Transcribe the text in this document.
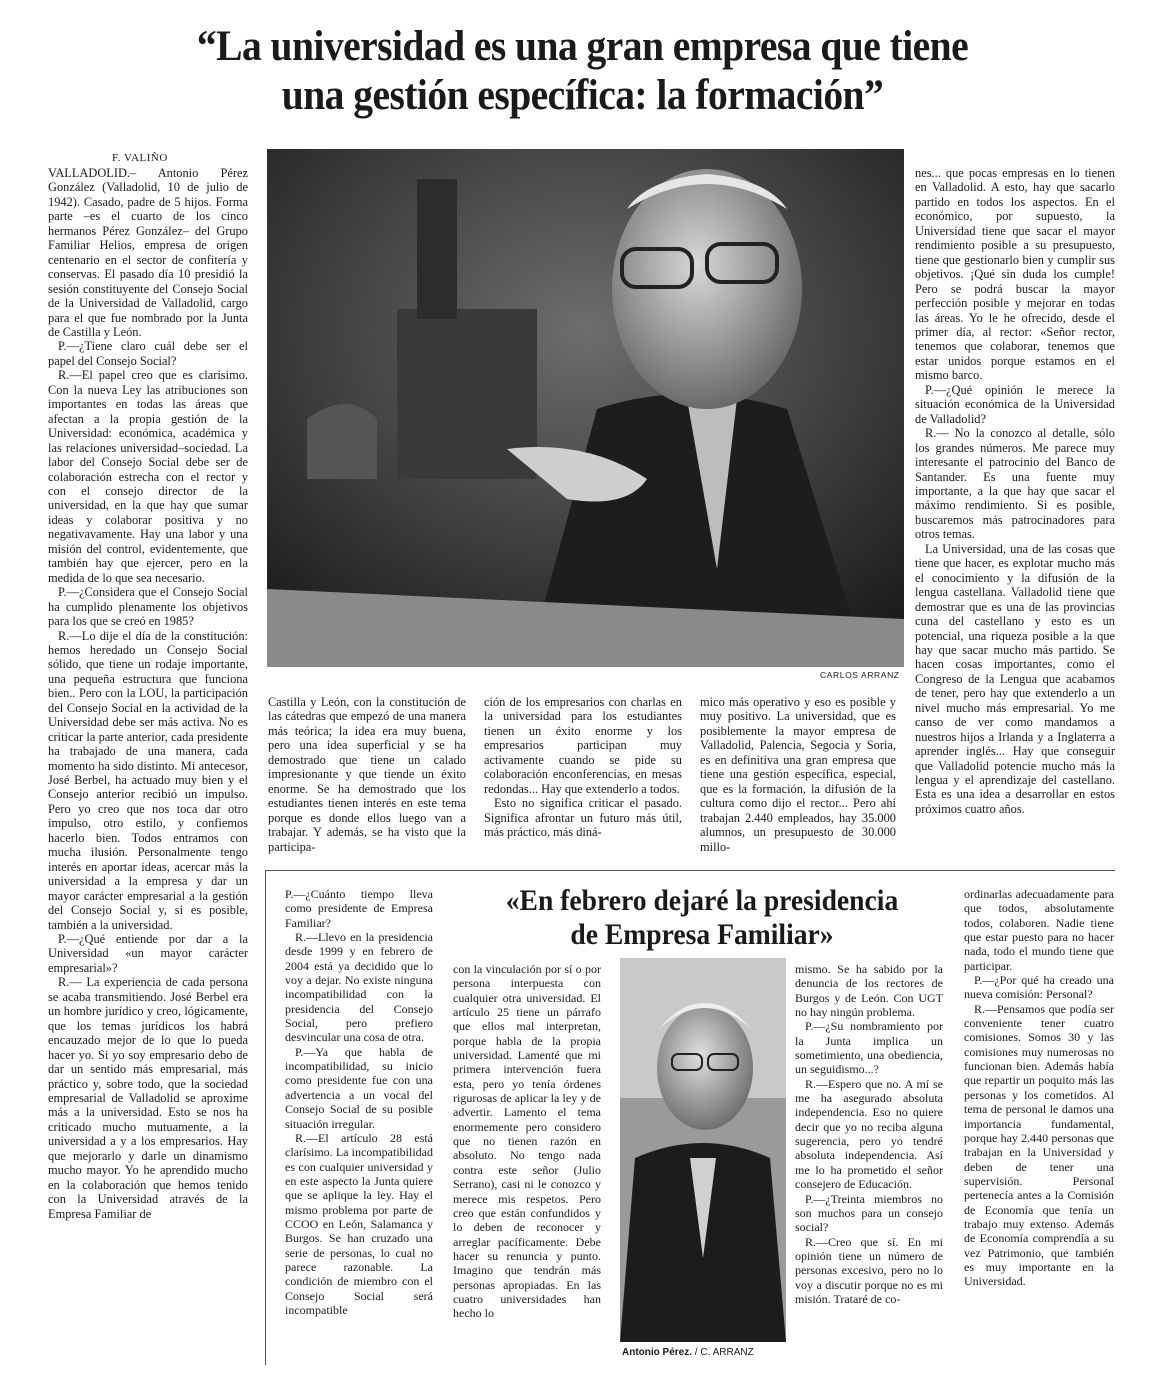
“La universidad es una gran empresa que tiene
una gestión específica: la formación”
F. VALIÑO

VALLADOLID.– Antonio Pérez González (Valladolid, 10 de julio de 1942). Casado, padre de 5 hijos. Forma parte –es el cuarto de los cinco hermanos Pérez González– del Grupo Familiar Helios, empresa de origen centenario en el sector de confitería y conservas. El pasado día 10 presidió la sesión constituyente del Consejo Social de la Universidad de Valladolid, cargo para el que fue nombrado por la Junta de Castilla y León.

P.—¿Tiene claro cuál debe ser el papel del Consejo Social?

R.—El papel creo que es clarísimo. Con la nueva Ley las atribuciones son importantes en todas las áreas que afectan a la propia gestión de la Universidad: económica, académica y las relaciones universidad–sociedad. La labor del Consejo Social debe ser de colaboración estrecha con el rector y con el consejo director de la universidad, en la que hay que sumar ideas y colaborar positiva y no negativavamente. Hay una labor y una misión del control, evidentemente, que también hay que ejercer, pero en la medida de lo que sea necesario.

P.—¿Considera que el Consejo Social ha cumplido plenamente los objetivos para los que se creó en 1985?

R.—Lo dije el día de la constitución: hemos heredado un Consejo Social sólido, que tiene un rodaje importante, una pequeña estructura que funciona bien.. Pero con la LOU, la participación del Consejo Social en la actividad de la Universidad debe ser más activa. No es criticar la parte anterior, cada presidente ha trabajado de una manera, cada momento ha sido distinto. Mi antecesor, José Berbel, ha actuado muy bien y el Consejo anterior recibió un impulso. Pero yo creo que nos toca dar otro impulso, otro estilo, y confiemos hacerlo bien. Todos entramos con mucha ilusión. Personalmente tengo interés en aportar ideas, acercar más la universidad a la empresa y dar un mayor carácter empresarial a la gestión del Consejo Social y, si es posible, también a la universidad.

P.—¿Qué entiende por dar a la Universidad «un mayor carácter empresarial»?

R.— La experiencia de cada persona se acaba transmitiendo. José Berbel era un hombre jurídico y creo, lógicamente, que los temas jurídicos los habrá encauzado mejor de lo que lo pueda hacer yo. Si yo soy empresario debo de dar un sentido más empresarial, más práctico y, sobre todo, que la sociedad empresarial de Valladolid se aproxime más a la universidad. Esto se nos ha criticado mucho mutuamente, a la universidad a y a los empresarios. Hay que mejorarlo y darle un dinamismo mucho mayor. Yo he aprendido mucho en la colaboración que hemos tenido con la Universidad através de la Empresa Familiar de

CARLOS ARRANZ

Castilla y León, con la constitución de las cátedras que empezó de una manera más teórica; la idea era muy buena, pero una idea superficial y se ha demostrado que tiene un calado impresionante y que tiende un éxito enorme. Se ha demostrado que los estudiantes tienen interés en este tema porque es donde ellos luego van a trabajar. Y además, se ha visto que la participa-

ción de los empresarios con charlas en la universidad para los estudiantes tienen un éxito enorme y los empresarios participan muy activamente cuando se pide su colaboración enconferencias, en mesas redondas... Hay que extenderlo a todos.

Esto no significa criticar el pasado. Significa afrontar un futuro más útil, más práctico, más diná-

mico más operativo y eso es posible y muy positivo. La universidad, que es posiblemente la mayor empresa de Valladolid, Palencia, Segocia y Soria, es en definitiva una gran empresa que tiene una gestión específica, especial, que es la formación, la difusión de la cultura como dijo el rector... Pero ahí trabajan 2.440 empleados, hay 35.000 alumnos, un presupuesto de 30.000 millo-

nes... que pocas empresas en lo tienen en Valladolid. A esto, hay que sacarlo partido en todos los aspectos. En el económico, por supuesto, la Universidad tiene que sacar el mayor rendimiento posible a su presupuesto, tiene que gestionarlo bien y cumplir sus objetivos. ¡Qué sin duda los cumple! Pero se podrá buscar la mayor perfección posible y mejorar en todas las áreas. Yo le he ofrecido, desde el primer día, al rector: «Señor rector, tenemos que colaborar, tenemos que estar unidos porque estamos en el mismo barco.

P.—¿Qué opinión le merece la situación económica de la Universidad de Valladolid?

R.— No la conozco al detalle, sólo los grandes números. Me parece muy interesante el patrocinio del Banco de Santander. Es una fuente muy importante, a la que hay que sacar el máximo rendimiento. Si es posible, buscaremos más patrocinadores para otros temas.

La Universidad, una de las cosas que tiene que hacer, es explotar mucho más el conocimiento y la difusión de la lengua castellana. Valladolid tiene que demostrar que es una de las provincias cuna del castellano y esto es un potencial, una riqueza posible a la que hay que sacar mucho más partido. Se hacen cosas importantes, como el Congreso de la Lengua que acabamos de tener, pero hay que extenderlo a un nivel mucho más empresarial. Yo me canso de ver como mandamos a nuestros hijos a Irlanda y a Inglaterra a aprender inglés... Hay que conseguir que Valladolid potencie mucho más la lengua y el aprendizaje del castellano. Esta es una idea a desarrollar en estos próximos cuatro años.

«En febrero dejaré la presidencia
de Empresa Familiar»

P.—¿Cuánto tiempo lleva como presidente de Empresa Familiar?

R.—Llevo en la presidencia desde 1999 y en febrero de 2004 está ya decidido que lo voy a dejar. No existe ninguna incompatibilidad con la presidencia del Consejo Social, pero prefiero desvincular una cosa de otra.

P.—Ya que habla de incompatibilidad, su inicio como presidente fue con una advertencia a un vocal del Consejo Social de su posible situación irregular.

R.—El artículo 28 está clarísimo. La incompatibilidad es con cualquier universidad y en este aspecto la Junta quiere que se aplique la ley. Hay el mismo problema por parte de CCOO en León, Salamanca y Burgos. Se han cruzado una serie de personas, lo cual no parece razonable. La condición de miembro con el Consejo Social será incompatible

con la vinculación por sí o por persona interpuesta con cualquier otra universidad. El artículo 25 tiene un párrafo que ellos mal interpretan, porque habla de la propia universidad. Lamenté que mi primera intervención fuera esta, pero yo tenía órdenes rigurosas de aplicar la ley y de advertir. Lamento el tema enormemente pero considero que no tienen razón en absoluto. No tengo nada contra este señor (Julio Serrano), casi ni le conozco y merece mis respetos. Pero creo que están confundidos y lo deben de reconocer y arreglar pacíficamente. Debe hacer su renuncia y punto. Imagino que tendrán más personas apropiadas. En las cuatro universidades han hecho lo

Antonio Pérez. / C. ARRANZ

mismo. Se ha sabido por la denuncia de los rectores de Burgos y de León. Con UGT no hay ningún problema.

P.—¿Su nombramiento por la Junta implica un sometimiento, una obediencia, un seguidismo...?

R.—Espero que no. A mí se me ha asegurado absoluta independencia. Eso no quiere decir que yo no reciba alguna sugerencia, pero yo tendré absoluta independencia. Así me lo ha prometido el señor consejero de Educación.

P.—¿Treinta miembros no son muchos para un consejo social?

R.—Creo que sí. En mi opinión tiene un número de personas excesivo, pero no lo voy a discutir porque no es mi misión. Trataré de co-

ordinarlas adecuadamente para que todos, absolutamente todos, colaboren. Nadie tiene que estar puesto para no hacer nada, todo el mundo tiene que participar.

P.—¿Por qué ha creado una nueva comisión: Personal?

R.—Pensamos que podía ser conveniente tener cuatro comisiones. Somos 30 y las comisiones muy numerosas no funcionan bien. Además había que repartir un poquito más las personas y los cometidos. Al tema de personal le damos una importancia fundamental, porque hay 2.440 personas que trabajan en la Universidad y deben de tener una supervisión. Personal pertenecía antes a la Comisión de Economía que tenía un trabajo muy extenso. Además de Economía comprendía a su vez Patrimonio, que también es muy importante en la Universidad.
